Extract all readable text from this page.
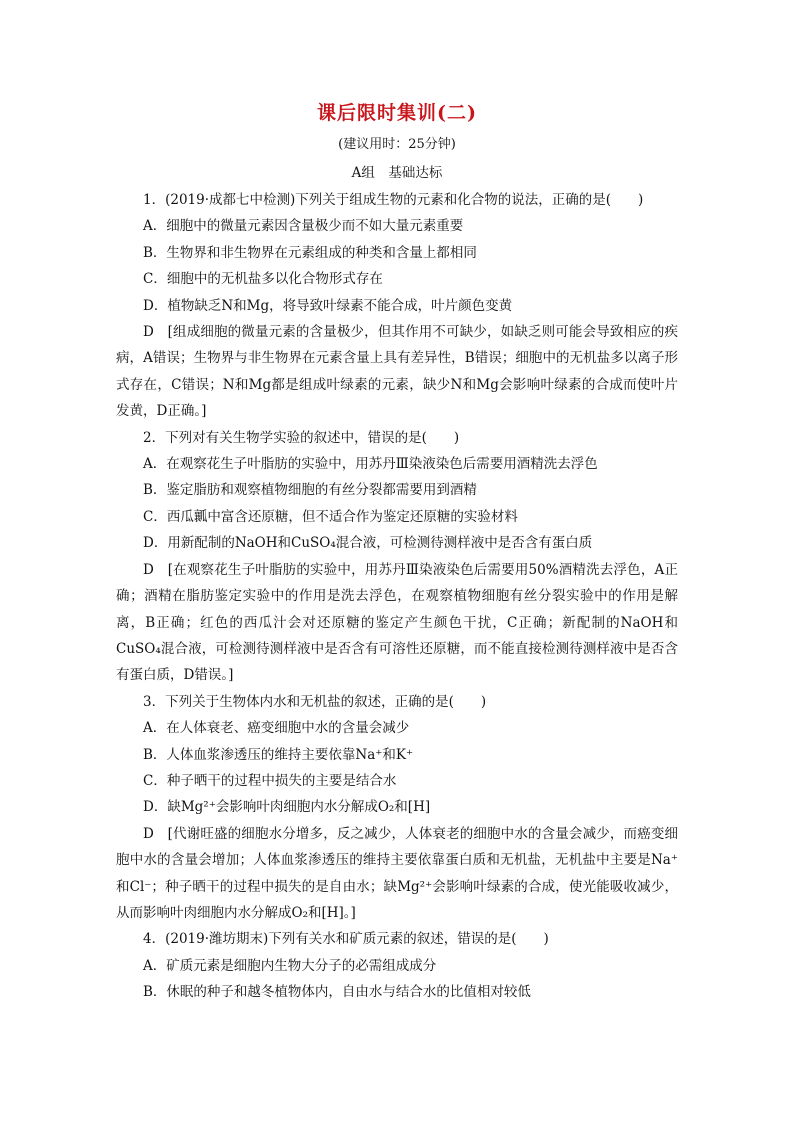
课后限时集训(二)
(建议用时：25分钟)
A组　基础达标

1．(2019·成都七中检测)下列关于组成生物的元素和化合物的说法，正确的是(　　)

A．细胞中的微量元素因含量极少而不如大量元素重要

B．生物界和非生物界在元素组成的种类和含量上都相同

C．细胞中的无机盐多以化合物形式存在

D．植物缺乏N和Mg，将导致叶绿素不能合成，叶片颜色变黄

D　[组成细胞的微量元素的含量极少，但其作用不可缺少，如缺乏则可能会导致相应的疾病，A错误；生物界与非生物界在元素含量上具有差异性，B错误；细胞中的无机盐多以离子形式存在，C错误；N和Mg都是组成叶绿素的元素，缺少N和Mg会影响叶绿素的合成而使叶片发黄，D正确。]

2．下列对有关生物学实验的叙述中，错误的是(　　)

A．在观察花生子叶脂肪的实验中，用苏丹Ⅲ染液染色后需要用酒精洗去浮色

B．鉴定脂肪和观察植物细胞的有丝分裂都需要用到酒精

C．西瓜瓤中富含还原糖，但不适合作为鉴定还原糖的实验材料

D．用新配制的NaOH和CuSO₄混合液，可检测待测样液中是否含有蛋白质

D　[在观察花生子叶脂肪的实验中，用苏丹Ⅲ染液染色后需要用50%酒精洗去浮色，A正确；酒精在脂肪鉴定实验中的作用是洗去浮色，在观察植物细胞有丝分裂实验中的作用是解离，B正确；红色的西瓜汁会对还原糖的鉴定产生颜色干扰，C正确；新配制的NaOH和CuSO₄混合液，可检测待测样液中是否含有可溶性还原糖，而不能直接检测待测样液中是否含有蛋白质，D错误。]

3．下列关于生物体内水和无机盐的叙述，正确的是(　　)

A．在人体衰老、癌变细胞中水的含量会减少

B．人体血浆渗透压的维持主要依靠Na⁺和K⁺

C．种子晒干的过程中损失的主要是结合水

D．缺Mg²⁺会影响叶肉细胞内水分解成O₂和[H]

D　[代谢旺盛的细胞水分增多，反之减少，人体衰老的细胞中水的含量会减少，而癌变细胞中水的含量会增加；人体血浆渗透压的维持主要依靠蛋白质和无机盐，无机盐中主要是Na⁺和Cl⁻；种子晒干的过程中损失的是自由水；缺Mg²⁺会影响叶绿素的合成，使光能吸收减少，从而影响叶肉细胞内水分解成O₂和[H]。]

4．(2019·潍坊期末)下列有关水和矿质元素的叙述，错误的是(　　)

A．矿质元素是细胞内生物大分子的必需组成成分

B．休眠的种子和越冬植物体内，自由水与结合水的比值相对较低
